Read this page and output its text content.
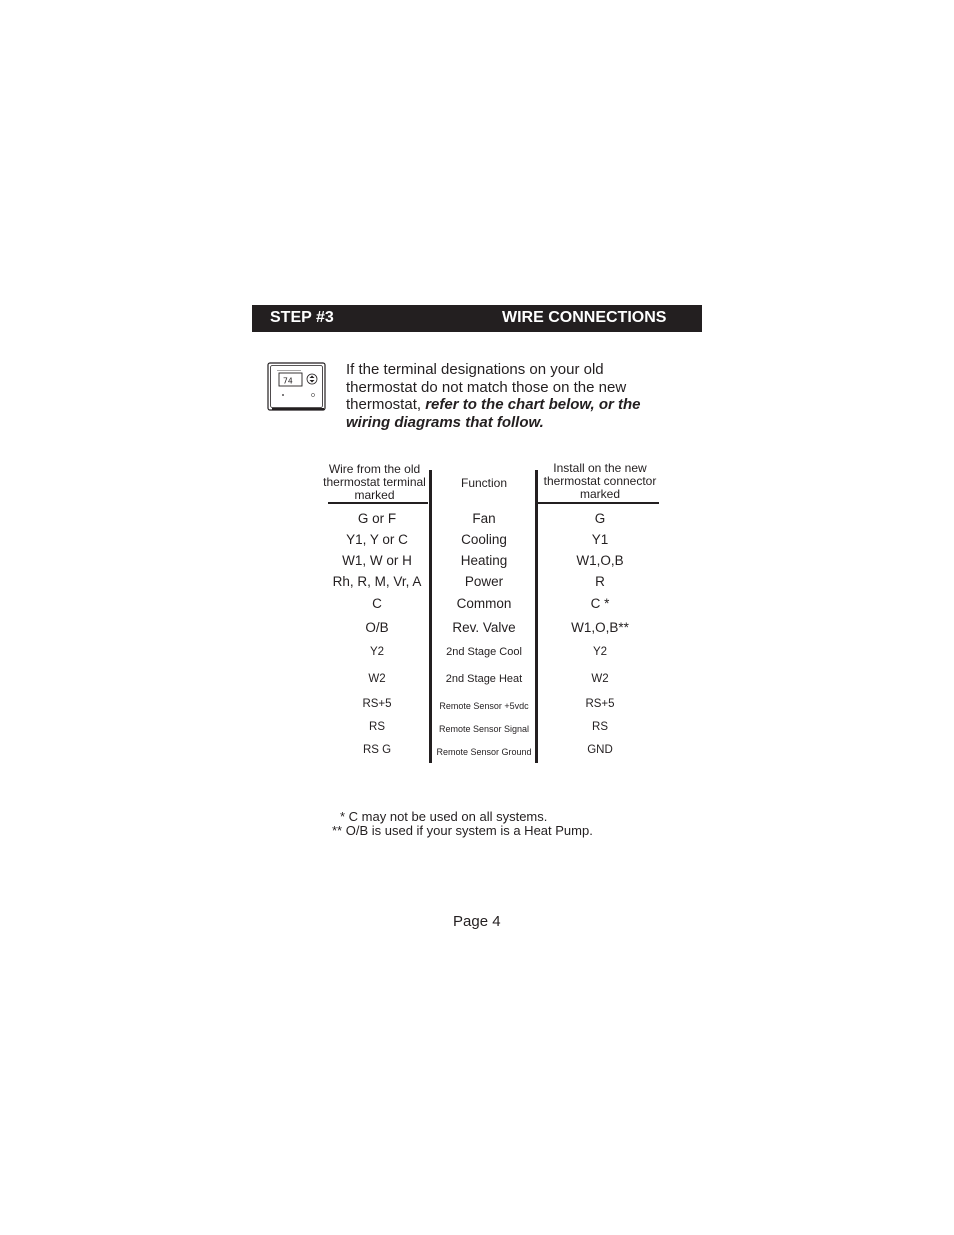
STEP #3	WIRE CONNECTIONS
74
If the terminal designations on your old thermostat do not match those on the new thermostat, refer to the chart below, or the wiring diagrams that follow.
Wire from the old thermostat terminal marked
Function
Install on the new thermostat connector marked
G or F	Fan	G
Y1, Y or C	Cooling	Y1
W1, W or H	Heating	W1,O,B
Rh, R, M, Vr, A	Power	R
C	Common	C *
O/B	Rev. Valve	W1,O,B**
Y2	2nd Stage Cool	Y2
W2	2nd Stage Heat	W2
RS+5	Remote Sensor +5vdc	RS+5
RS	Remote Sensor Signal	RS
RS G	Remote Sensor Ground	GND
* C may not be used on all systems.
** O/B is used if your system is a Heat Pump.
Page 4
